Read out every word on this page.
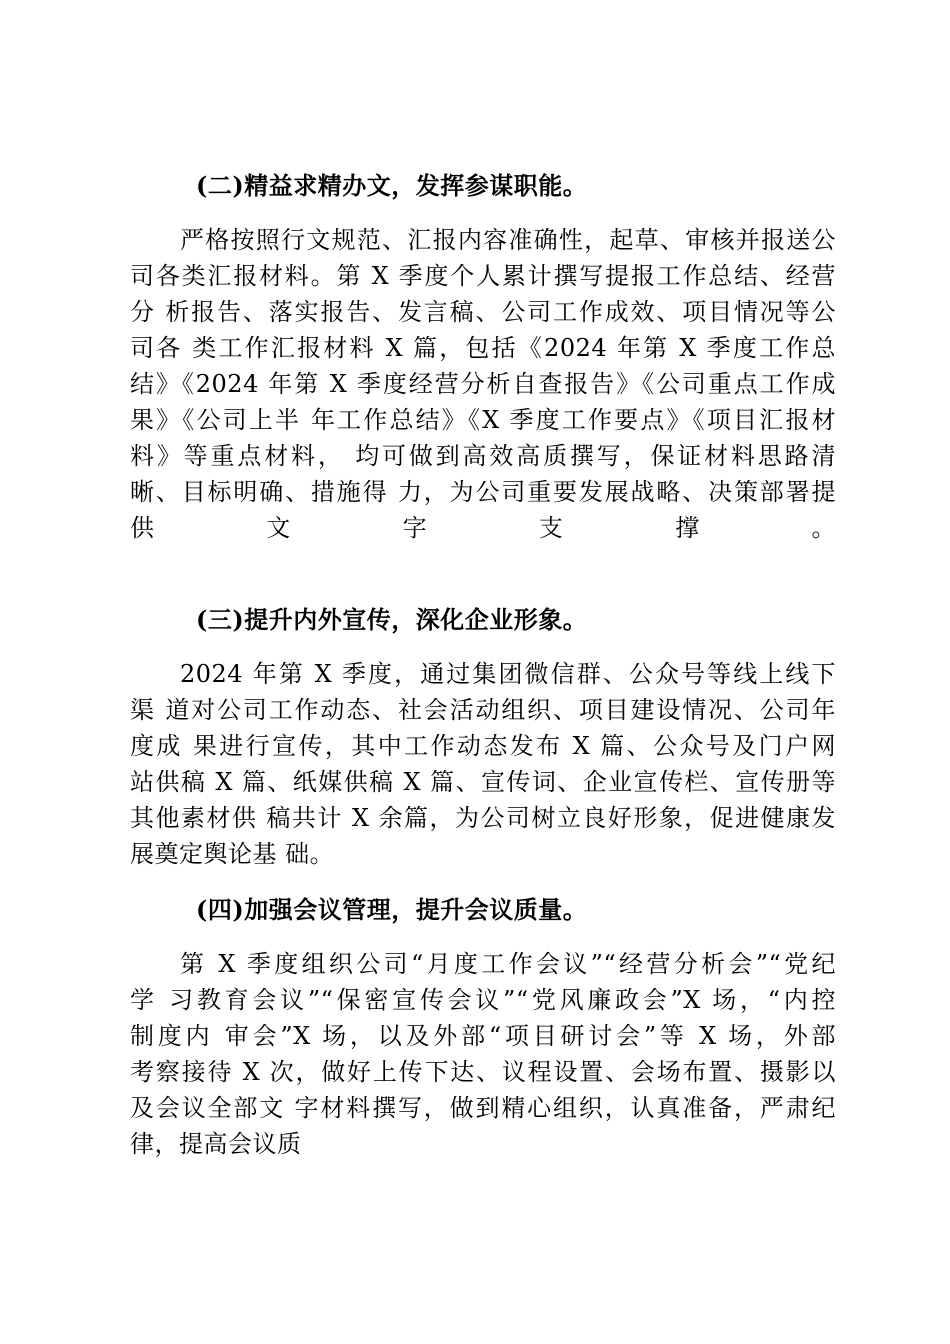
(二)精益求精办文，发挥参谋职能。
严格按照行文规范、汇报内容准确性，起草、审核并报送公
司各类汇报材料。第 X 季度个人累计撰写提报工作总结、经营
分 析报告、落实报告、发言稿、公司工作成效、项目情况等公
司各 类工作汇报材料 X 篇，包括《2024 年第 X 季度工作总
结》《2024 年第 X 季度经营分析自查报告》《公司重点工作成
果》《公司上半 年工作总结》《X 季度工作要点》《项目汇报材
料》等重点材料， 均可做到高效高质撰写，保证材料思路清
晰、目标明确、措施得 力，为公司重要发展战略、决策部署提
供文字支撑。
(三)提升内外宣传，深化企业形象。
2024 年第 X 季度，通过集团微信群、公众号等线上线下
渠 道对公司工作动态、社会活动组织、项目建设情况、公司年
度成 果进行宣传，其中工作动态发布 X 篇、公众号及门户网
站供稿 X 篇、纸媒供稿 X 篇、宣传词、企业宣传栏、宣传册等
其他素材供 稿共计 X 余篇，为公司树立良好形象，促进健康发
展奠定舆论基 础。
(四)加强会议管理，提升会议质量。
第 X 季度组织公司“月度工作会议”“经营分析会”“党纪
学 习教育会议”“保密宣传会议”“党风廉政会”X 场，“内控
制度内 审会”X 场，以及外部“项目研讨会”等 X 场，外部
考察接待 X 次，做好上传下达、议程设置、会场布置、摄影以
及会议全部文 字材料撰写，做到精心组织，认真准备，严肃纪
律，提高会议质
